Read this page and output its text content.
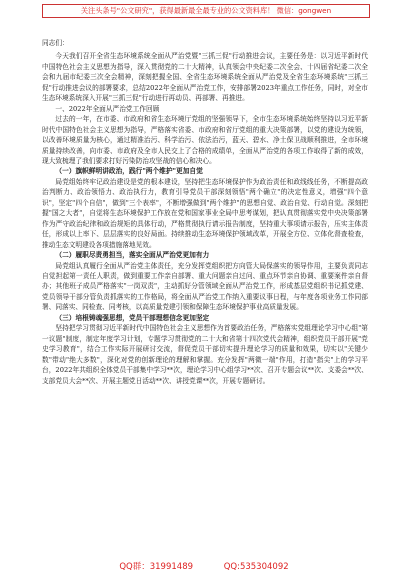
关注头条号"公文研究"，获得最新最全最专业的公文资料库！ 微信：gongwen

同志们：

今天我们召开全省生态环境系统全面从严治党暨"三抓三促"行动推进会议，主要任务是：以习近平新时代中国特色社会主义思想为指导，深入贯彻党的二十大精神，认真领会中央纪委二次全会、十四届省纪委二次全会和九届市纪委三次全会精神，深刻把握全国、全省生态环境系统全面从严治党及全省生态环境系统"三抓三促"行动推进会议的部署要求，总结2022年全面从严治党工作，安排部署2023年重点工作任务，同时，对全市生态环境系统深入开展"三抓三促"行动进行再动员、再部署、再推进。

一、2022年全面从严治党工作回顾

过去的一年，在市委、市政府和省生态环境厅党组的坚强领导下，全市生态环境系统始终坚持以习近平新时代中国特色社会主义思想为指导，严格落实省委、市政府和省厅党组的重大决策部署，以党的建设为统领，以改善环境质量为核心，通过精准治污、科学治污、依法治污，蓝天、碧水、净土保卫战顺利推进，全市环境质量持续改善，向市委、市政府及全市人民交上了合格的成绩单，全面从严治党的各项工作取得了新的成效，现大致梳理了我们要求打好污染防治攻坚战的信心和决心。

（一）旗帜鲜明讲政治，践行"两个维护"更加自觉

局党组始终牢记政治建设是党的根本建设，坚持把生态环境保护作为政治责任和政线线任务，不断提高政治判断力、政治领悟力、政治执行力，教育引导党员干部深刻领悟"两个确立"的决定性意义，增强"四个意识"，坚定"四个自信"，做到"三个表率"，不断增强做到"两个维护"的思想自觉、政治自觉、行动自觉。深刻把握"国之大者"，自觉将生态环境保护工作放在党和国家事业全局中思考谋划，把认真贯彻落实党中央决策部署作为严守政治纪律和政治规矩的具体行动，严格贯彻执行请示报告制度，坚持重大事项请示报告，压实主体责任，形成以上率下、层层落实的良好局面。持续推动生态环境保护领域改革，开展全方位、立体化督查检查，推动生态文明建设各项措施落地见效。

（二）履职尽责勇担当，落实全面从严治党更加有力

局党组认真履行全面从严治党主体责任，充分发挥党组织把方向管大局保落实的领导作用，主要负责同志自觉担起第一责任人职责，做到重要工作亲自部署、重大问题亲自过问、重点环节亲自协调、重要案件亲自督办；其他班子成员严格落实"一岗双责"，主动抓好分管领域全面从严治党工作，形成基层党组织书记抓党建、党员领导干部分管负责抓落实的工作格局，将全面从严治党工作纳入重要议事日程，与年度各项业务工作同部署、同落实、同检查、同考核，以高质量党建引领和保障生态环境保护事业高质量发展。

（三）培根铸魂强思想，党员干部理想信念更加坚定

坚持把学习贯彻习近平新时代中国特色社会主义思想作为首要政治任务，严格落实党组理论学习中心组"第一议题"制度，制定年度学习计划，专题学习贯彻党的二十大和省第十四次党代会精神，组织党员干部开展"党史学习教育"，结合工作实际开展研讨交流，督促党员干部切实提升理论学习的质量和效果，切实以"关键少数"带动"绝大多数"，深化对党的创新理论的理解和掌握。充分发挥"两微一端"作用，打造"指尖"上的学习平台，2022年共组织全体党员干部集中学习**次，理论学习中心组学习**次、召开专题会议**次、支委会**次、支部党员大会**次、开展主题党日活动**次、讲授党课**次，开展专题研讨。

QQ群：31991489	QQ:535304092
